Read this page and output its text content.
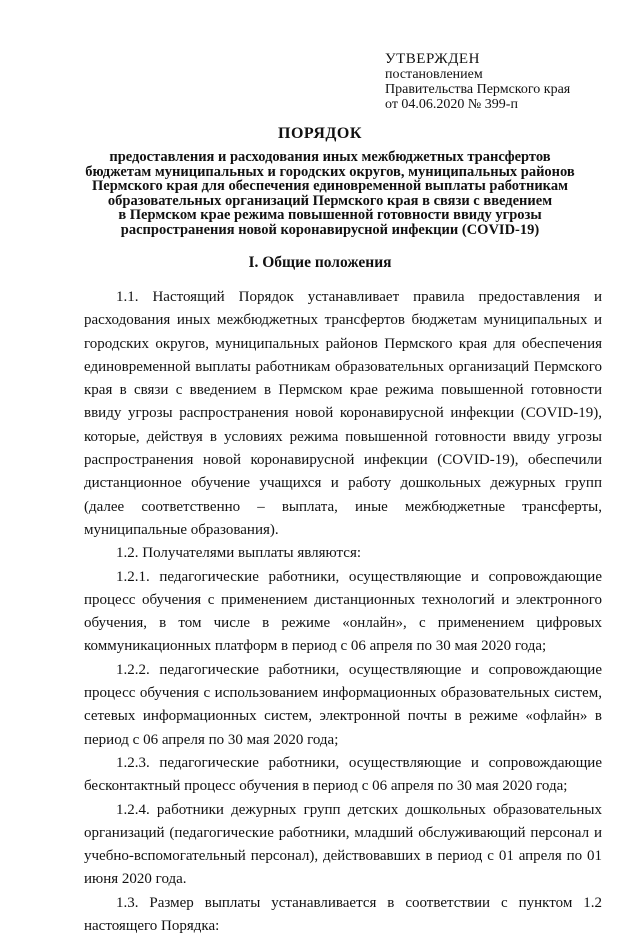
УТВЕРЖДЕН
постановлением
Правительства Пермского края
от 04.06.2020 № 399-п
ПОРЯДОК
предоставления и расходования иных межбюджетных трансфертов
бюджетам муниципальных и городских округов, муниципальных районов
Пермского края для обеспечения единовременной выплаты работникам
образовательных организаций Пермского края в связи с введением
в Пермском крае режима повышенной готовности ввиду угрозы
распространения новой коронавирусной инфекции (COVID-19)
I. Общие положения

1.1. Настоящий Порядок устанавливает правила предоставления и расходования иных межбюджетных трансфертов бюджетам муниципальных и городских округов, муниципальных районов Пермского края для обеспечения единовременной выплаты работникам образовательных организаций Пермского края в связи с введением в Пермском крае режима повышенной готовности ввиду угрозы распространения новой коронавирусной инфекции (COVID-19), которые, действуя в условиях режима повышенной готовности ввиду угрозы распространения новой коронавирусной инфекции (COVID-19), обеспечили дистанционное обучение учащихся и работу дошкольных дежурных групп (далее соответственно – выплата, иные межбюджетные трансферты, муниципальные образования).

1.2. Получателями выплаты являются:

1.2.1. педагогические работники, осуществляющие и сопровождающие процесс обучения с применением дистанционных технологий и электронного обучения, в том числе в режиме «онлайн», с применением цифровых коммуникационных платформ в период с 06 апреля по 30 мая 2020 года;

1.2.2. педагогические работники, осуществляющие и сопровождающие процесс обучения с использованием информационных образовательных систем, сетевых информационных систем, электронной почты в режиме «офлайн» в период с 06 апреля по 30 мая 2020 года;

1.2.3. педагогические работники, осуществляющие и сопровождающие бесконтактный процесс обучения в период с 06 апреля по 30 мая 2020 года;

1.2.4. работники дежурных групп детских дошкольных образовательных организаций (педагогические работники, младший обслуживающий персонал и учебно-вспомогательный персонал), действовавших в период с 01 апреля по 01 июня 2020 года.

1.3. Размер выплаты устанавливается в соответствии с пунктом 1.2 настоящего Порядка:
